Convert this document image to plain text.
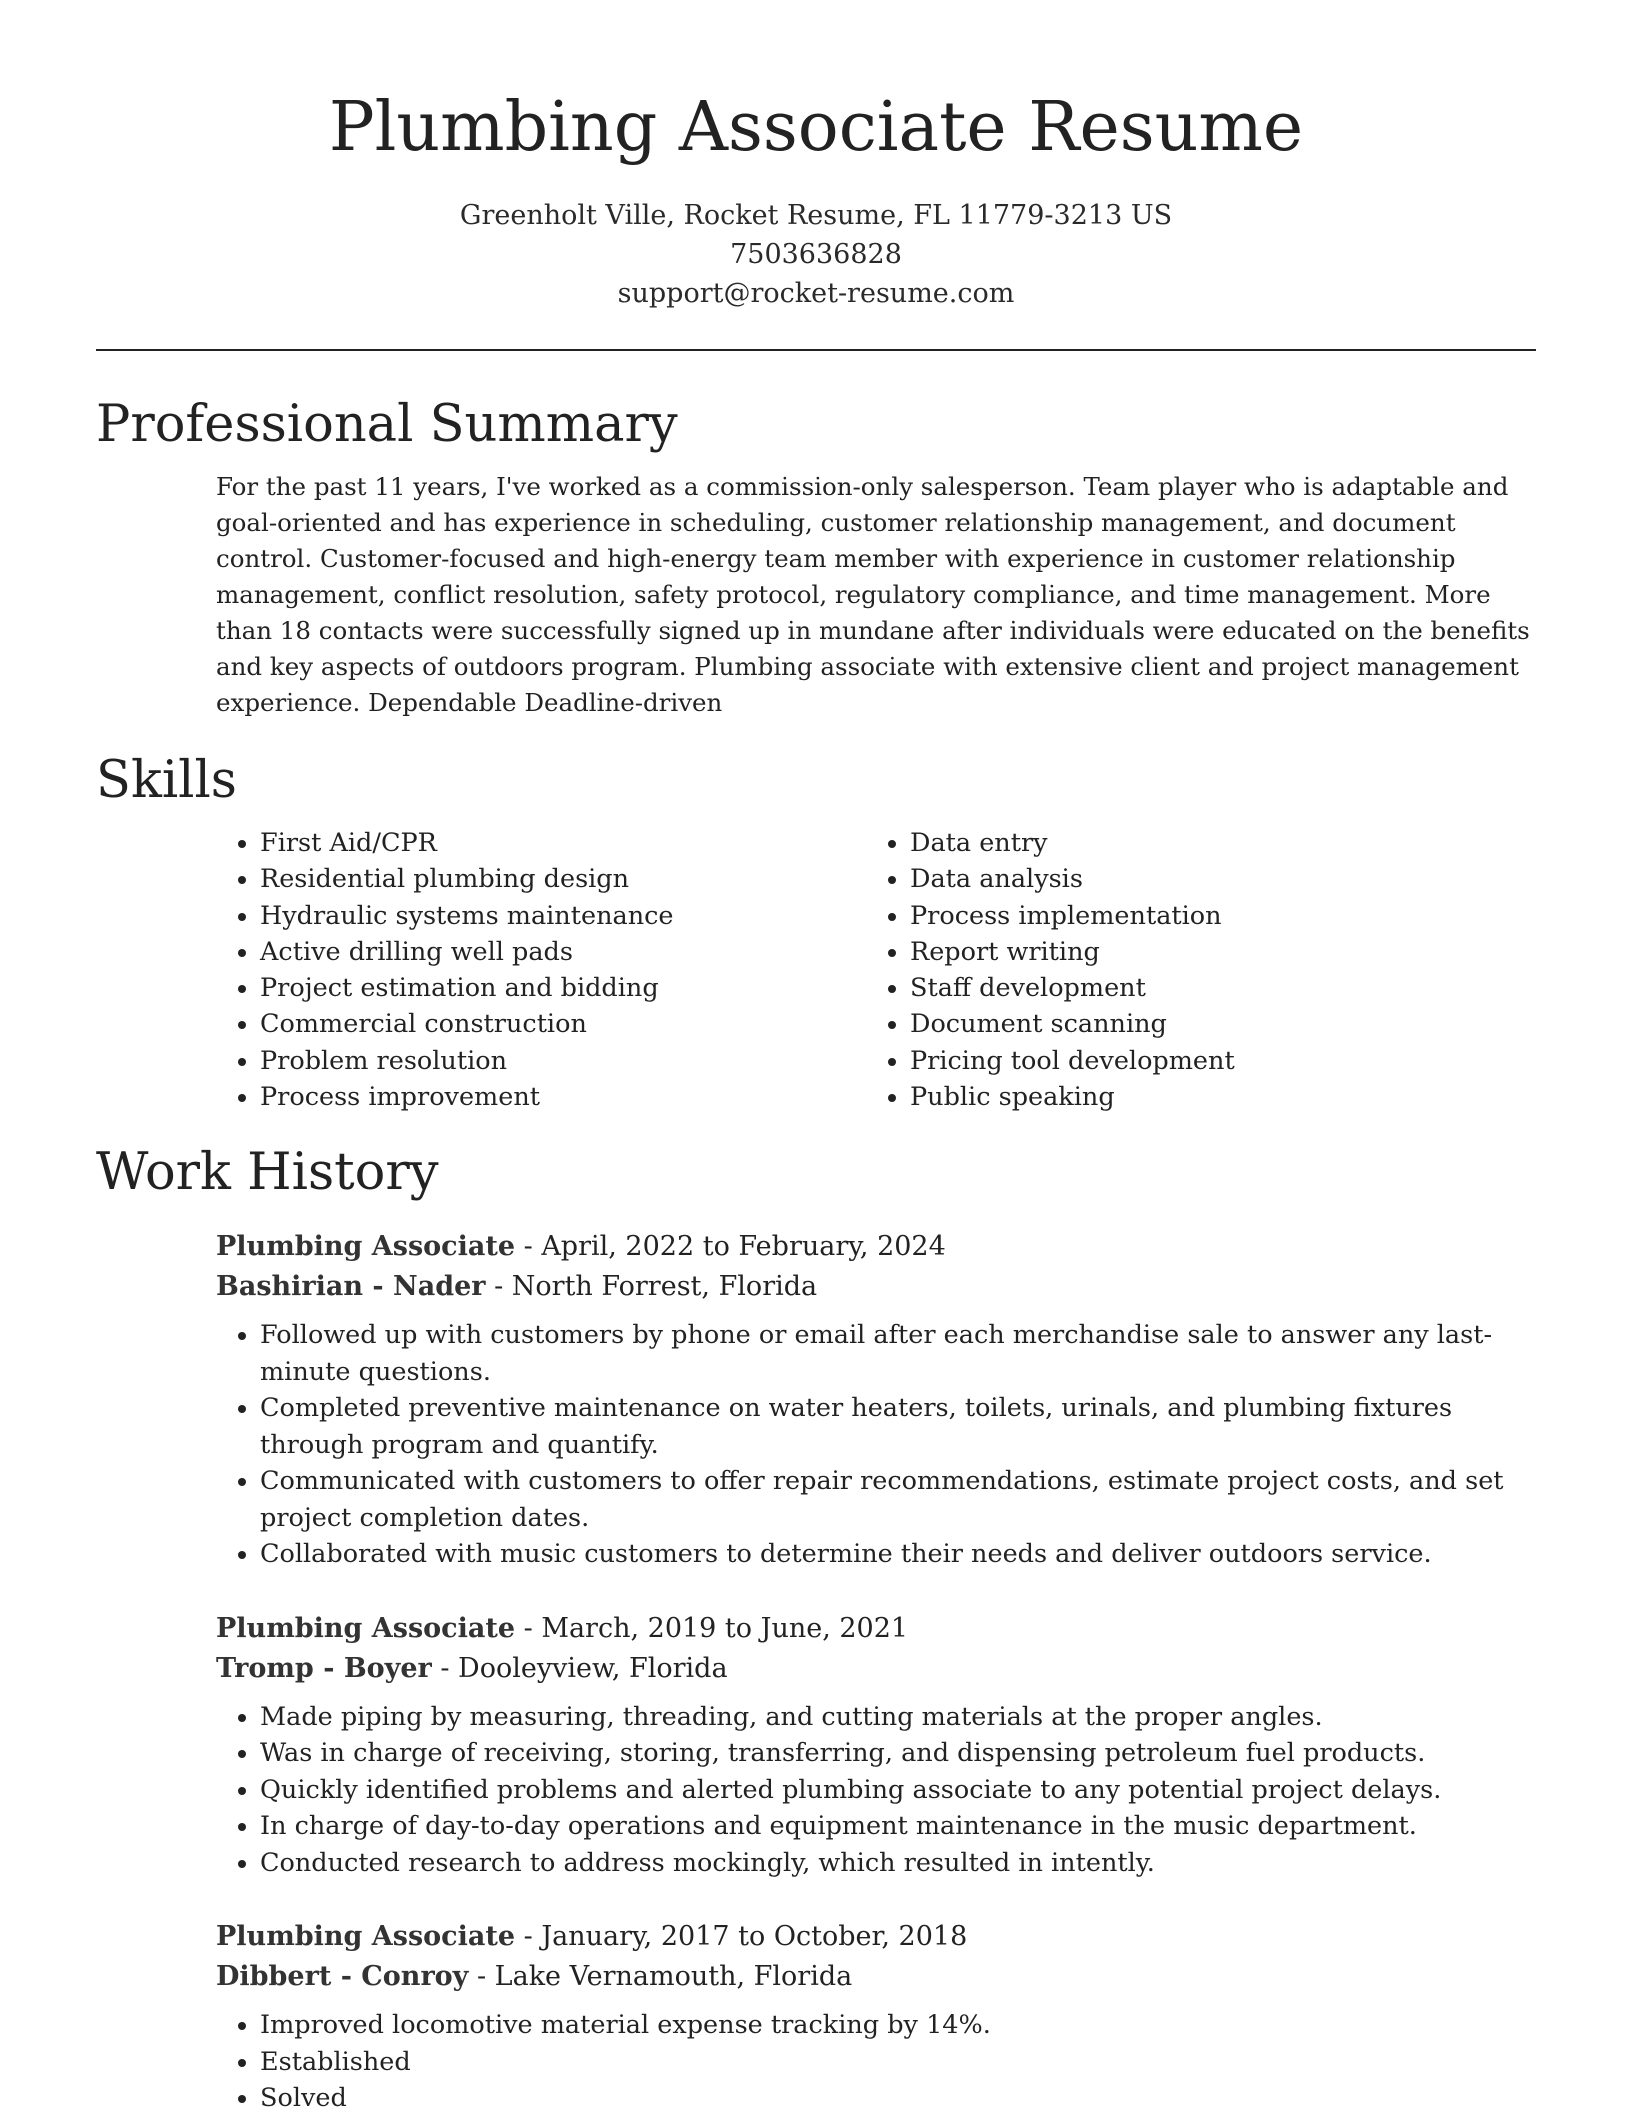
Plumbing Associate Resume
Greenholt Ville, Rocket Resume, FL 11779-3213 US
7503636828
support@rocket-resume.com
Professional Summary
For the past 11 years, I've worked as a commission-only salesperson. Team player who is adaptable and goal-oriented and has experience in scheduling, customer relationship management, and document control. Customer-focused and high-energy team member with experience in customer relationship management, conflict resolution, safety protocol, regulatory compliance, and time management. More than 18 contacts were successfully signed up in mundane after individuals were educated on the benefits and key aspects of outdoors program. Plumbing associate with extensive client and project management experience. Dependable Deadline-driven
Skills
• First Aid/CPR
• Residential plumbing design
• Hydraulic systems maintenance
• Active drilling well pads
• Project estimation and bidding
• Commercial construction
• Problem resolution
• Process improvement
• Data entry
• Data analysis
• Process implementation
• Report writing
• Staff development
• Document scanning
• Pricing tool development
• Public speaking
Work History
Plumbing Associate - April, 2022 to February, 2024
Bashirian - Nader - North Forrest, Florida
• Followed up with customers by phone or email after each merchandise sale to answer any last-minute questions.
• Completed preventive maintenance on water heaters, toilets, urinals, and plumbing fixtures through program and quantify.
• Communicated with customers to offer repair recommendations, estimate project costs, and set project completion dates.
• Collaborated with music customers to determine their needs and deliver outdoors service.
Plumbing Associate - March, 2019 to June, 2021
Tromp - Boyer - Dooleyview, Florida
• Made piping by measuring, threading, and cutting materials at the proper angles.
• Was in charge of receiving, storing, transferring, and dispensing petroleum fuel products.
• Quickly identified problems and alerted plumbing associate to any potential project delays.
• In charge of day-to-day operations and equipment maintenance in the music department.
• Conducted research to address mockingly, which resulted in intently.
Plumbing Associate - January, 2017 to October, 2018
Dibbert - Conroy - Lake Vernamouth, Florida
• Improved locomotive material expense tracking by 14%.
• Established
• Solved
